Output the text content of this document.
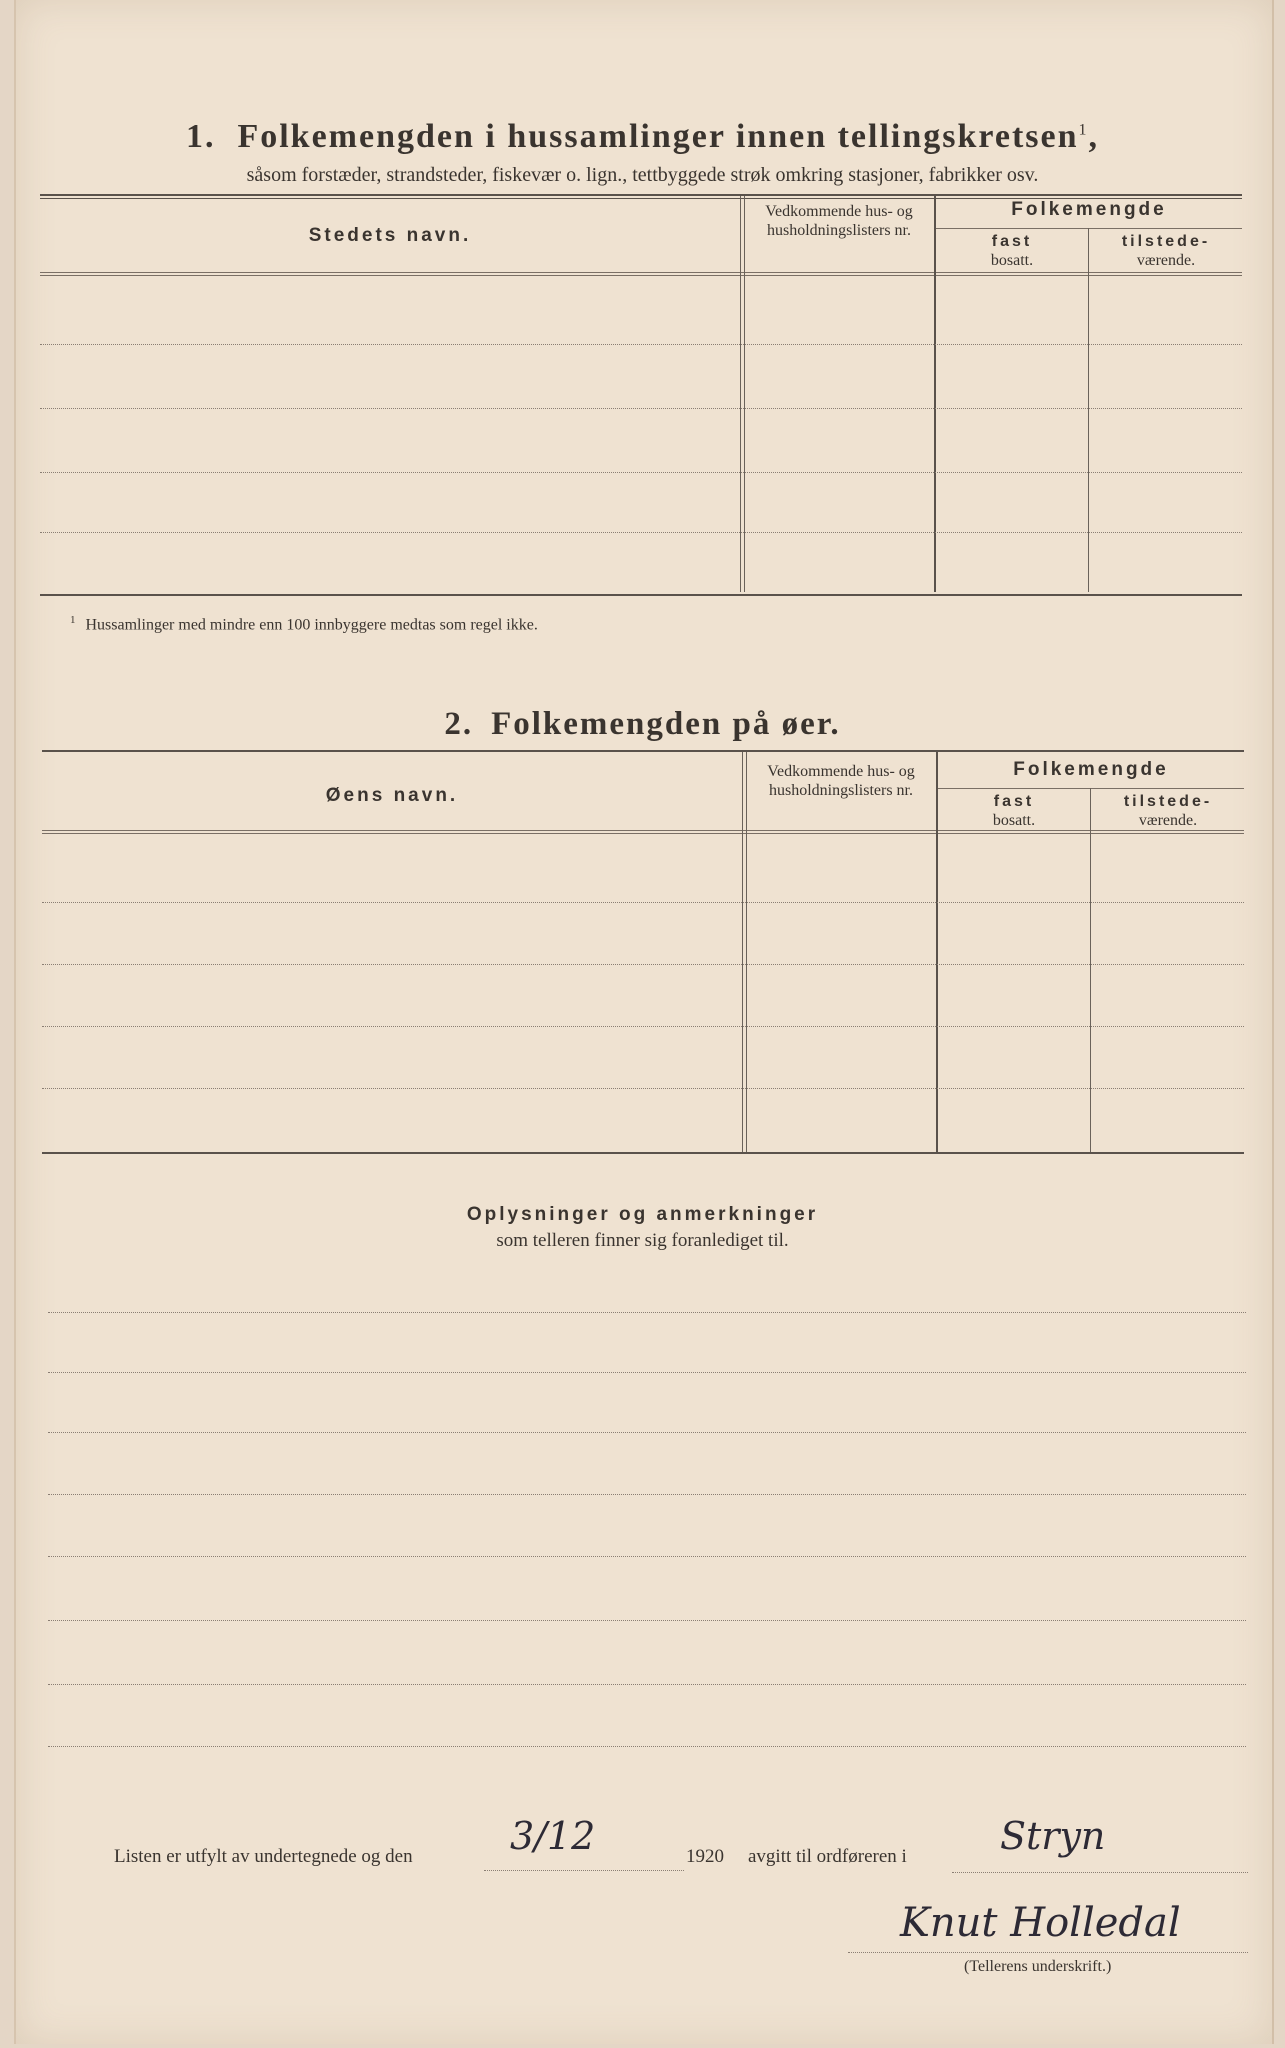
1. Folkemengden i hussamlinger innen tellingskretsen$^1$,
såsom forstæder, strandsteder, fiskevær o. lign., tettbyggede strøk omkring stasjoner, fabrikker osv.
Stedets navn.
Vedkommende hus- og husholdningslisters nr.
Folkemengde
fast
bosatt.
tilstede-
værende.
$^1$ Hussamlinger med mindre enn 100 innbyggere medtas som regel ikke.
2. Folkemengden på øer.
Øens navn.
Vedkommende hus- og husholdningslisters nr.
Folkemengde
fast
bosatt.
tilstede-
værende.
Oplysninger og anmerkninger
som telleren finner sig foranlediget til.
Listen er utfylt av undertegnede og den	3/12	1920 avgitt til ordføreren i Stryn
Knut Holledal
(Tellerens underskrift.)
